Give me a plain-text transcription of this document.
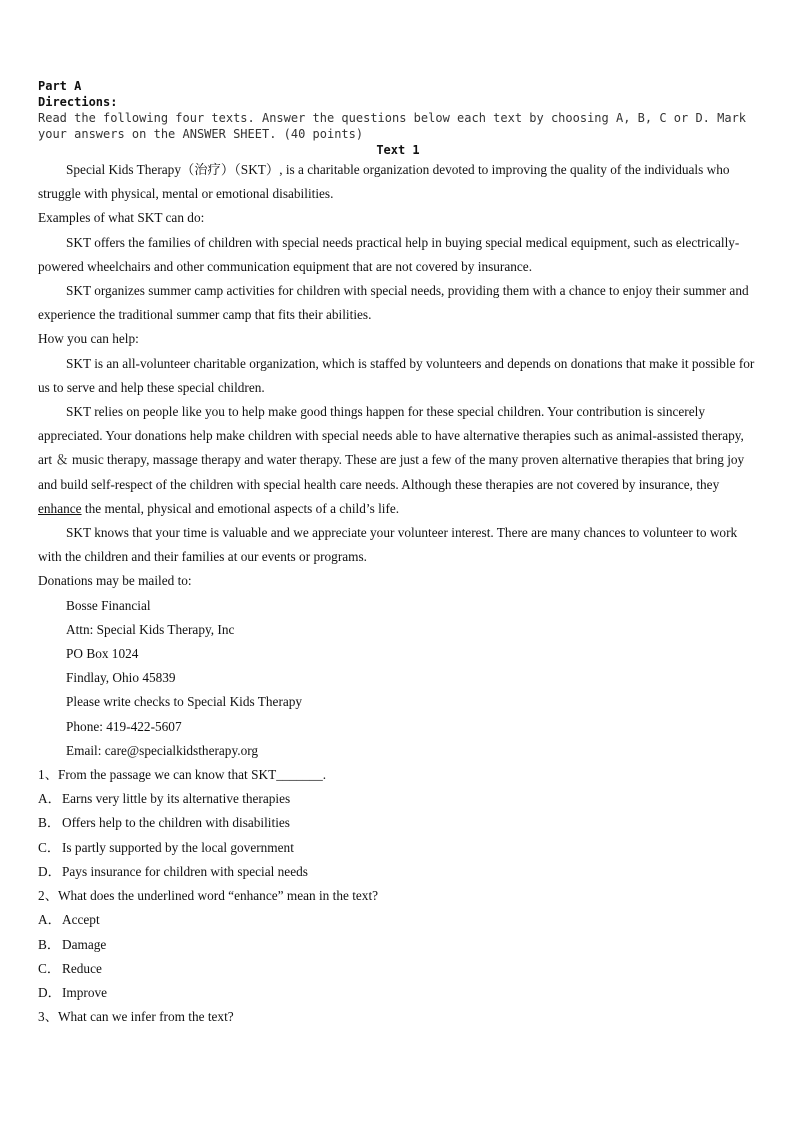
Part A
Directions:
Read the following four texts. Answer the questions below each text by choosing A, B, C or D. Mark
your answers on the ANSWER SHEET. (40 points)
Text 1
Special Kids Therapy（治疗）（SKT）, is a charitable organization devoted to improving the quality of the individuals who struggle with physical, mental or emotional disabilities.
Examples of what SKT can do:
SKT offers the families of children with special needs practical help in buying special medical equipment, such as electrically-powered wheelchairs and other communication equipment that are not covered by insurance.
SKT organizes summer camp activities for children with special needs, providing them with a chance to enjoy their summer and experience the traditional summer camp that fits their abilities.
How you can help:
SKT is an all-volunteer charitable organization, which is staffed by volunteers and depends on donations that make it possible for us to serve and help these special children.
SKT relies on people like you to help make good things happen for these special children. Your contribution is sincerely appreciated. Your donations help make children with special needs able to have alternative therapies such as animal-assisted therapy, art ＆ music therapy, massage therapy and water therapy. These are just a few of the many proven alternative therapies that bring joy and build self-respect of the children with special health care needs. Although these therapies are not covered by insurance, they enhance the mental, physical and emotional aspects of a child’s life.
SKT knows that your time is valuable and we appreciate your volunteer interest. There are many chances to volunteer to work with the children and their families at our events or programs.
Donations may be mailed to:
Bosse Financial
Attn: Special Kids Therapy, Inc
PO Box 1024
Findlay, Ohio 45839
Please write checks to Special Kids Therapy
Phone: 419-422-5607
Email: care@specialkidstherapy.org
1、From the passage we can know that SKT_______.
A．Earns very little by its alternative therapies
B． Offers help to the children with disabilities
C． Is partly supported by the local government
D．Pays insurance for children with special needs
2、What does the underlined word “enhance” mean in the text?
A．Accept
B． Damage
C． Reduce
D．Improve
3、What can we infer from the text?
